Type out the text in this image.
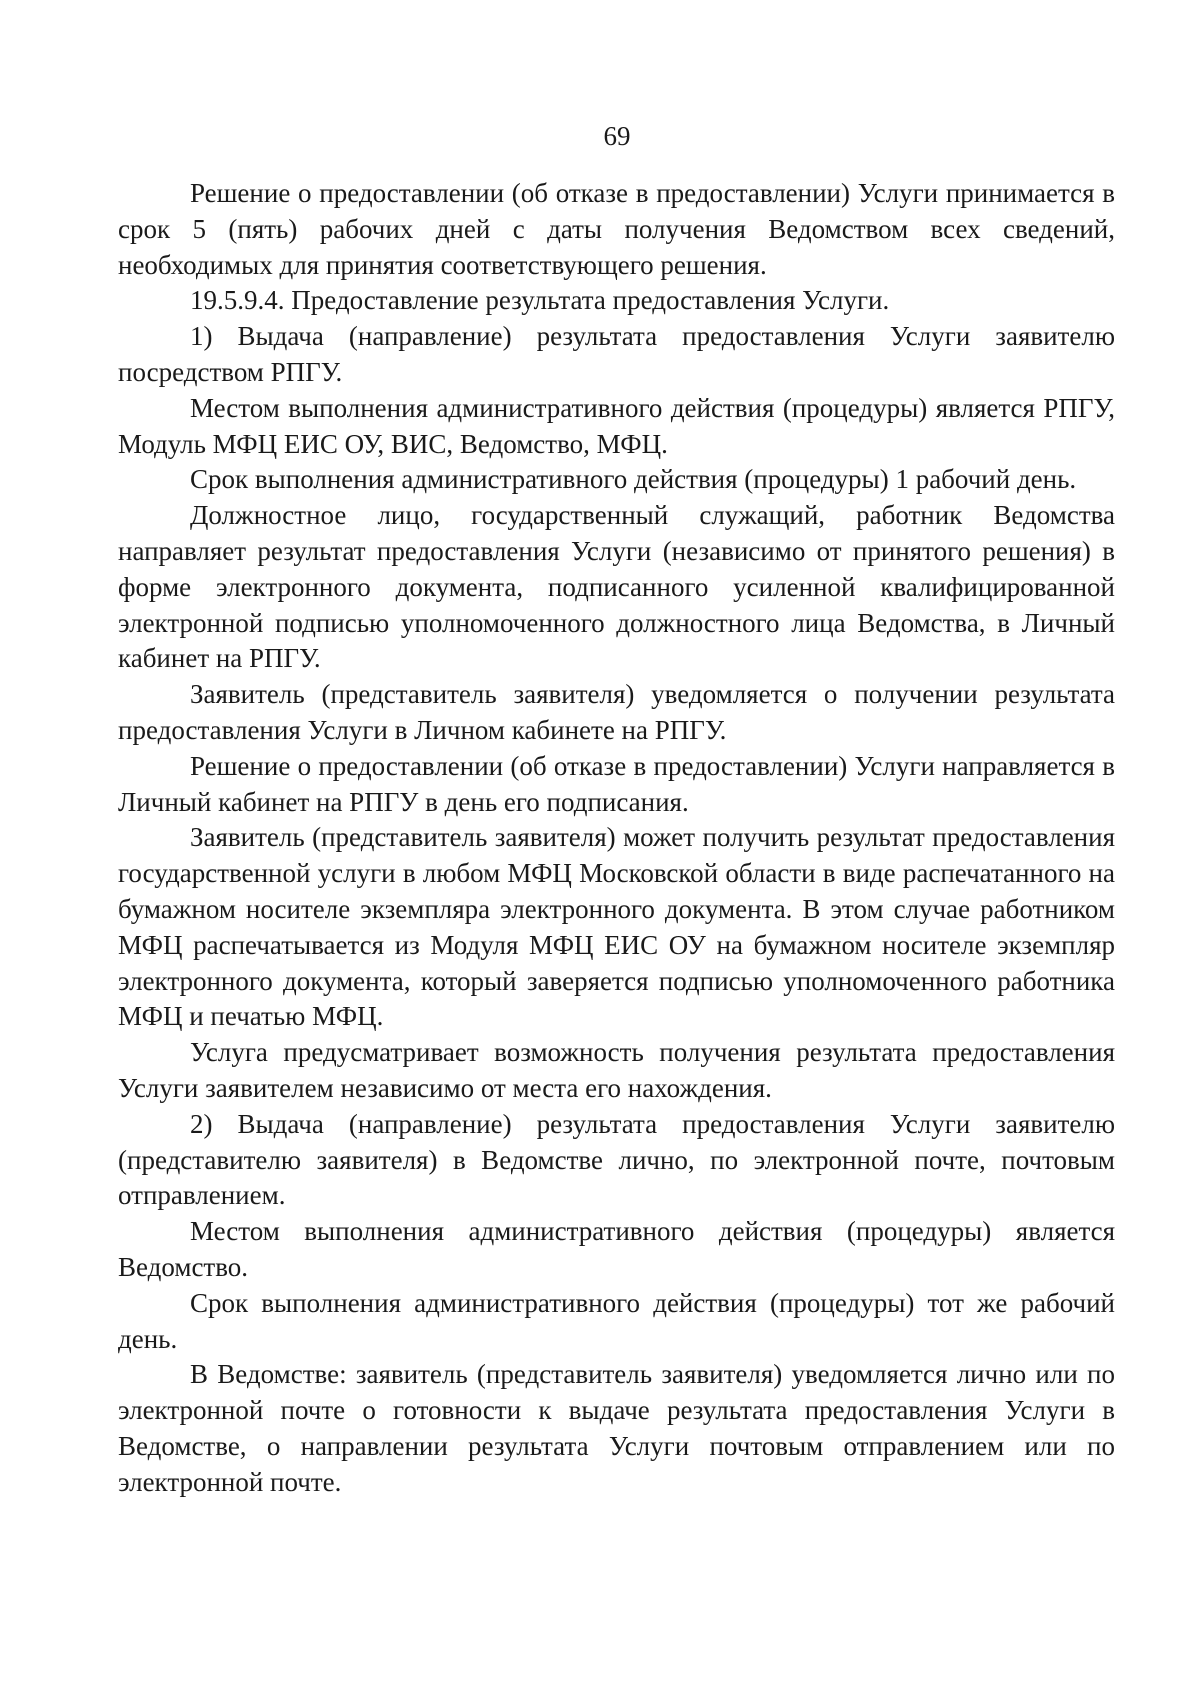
69

Решение о предоставлении (об отказе в предоставлении) Услуги принимается в срок 5 (пять) рабочих дней с даты получения Ведомством всех сведений, необходимых для принятия соответствующего решения.

19.5.9.4. Предоставление результата предоставления Услуги.

1) Выдача (направление) результата предоставления Услуги заявителю посредством РПГУ.

Местом выполнения административного действия (процедуры) является РПГУ, Модуль МФЦ ЕИС ОУ, ВИС, Ведомство, МФЦ.

Срок выполнения административного действия (процедуры) 1 рабочий день.

Должностное лицо, государственный служащий, работник Ведомства направляет результат предоставления Услуги (независимо от принятого решения) в форме электронного документа, подписанного усиленной квалифицированной электронной подписью уполномоченного должностного лица Ведомства, в Личный кабинет на РПГУ.

Заявитель (представитель заявителя) уведомляется о получении результата предоставления Услуги в Личном кабинете на РПГУ.

Решение о предоставлении (об отказе в предоставлении) Услуги направляется в Личный кабинет на РПГУ в день его подписания.

Заявитель (представитель заявителя) может получить результат предоставления государственной услуги в любом МФЦ Московской области в виде распечатанного на бумажном носителе экземпляра электронного документа. В этом случае работником МФЦ распечатывается из Модуля МФЦ ЕИС ОУ на бумажном носителе экземпляр электронного документа, который заверяется подписью уполномоченного работника МФЦ и печатью МФЦ.

Услуга предусматривает возможность получения результата предоставления Услуги заявителем независимо от места его нахождения.

2) Выдача (направление) результата предоставления Услуги заявителю (представителю заявителя) в Ведомстве лично, по электронной почте, почтовым отправлением.

Местом выполнения административного действия (процедуры) является Ведомство.

Срок выполнения административного действия (процедуры) тот же рабочий день.

В Ведомстве: заявитель (представитель заявителя) уведомляется лично или по электронной почте о готовности к выдаче результата предоставления Услуги в Ведомстве, о направлении результата Услуги почтовым отправлением или по электронной почте.
